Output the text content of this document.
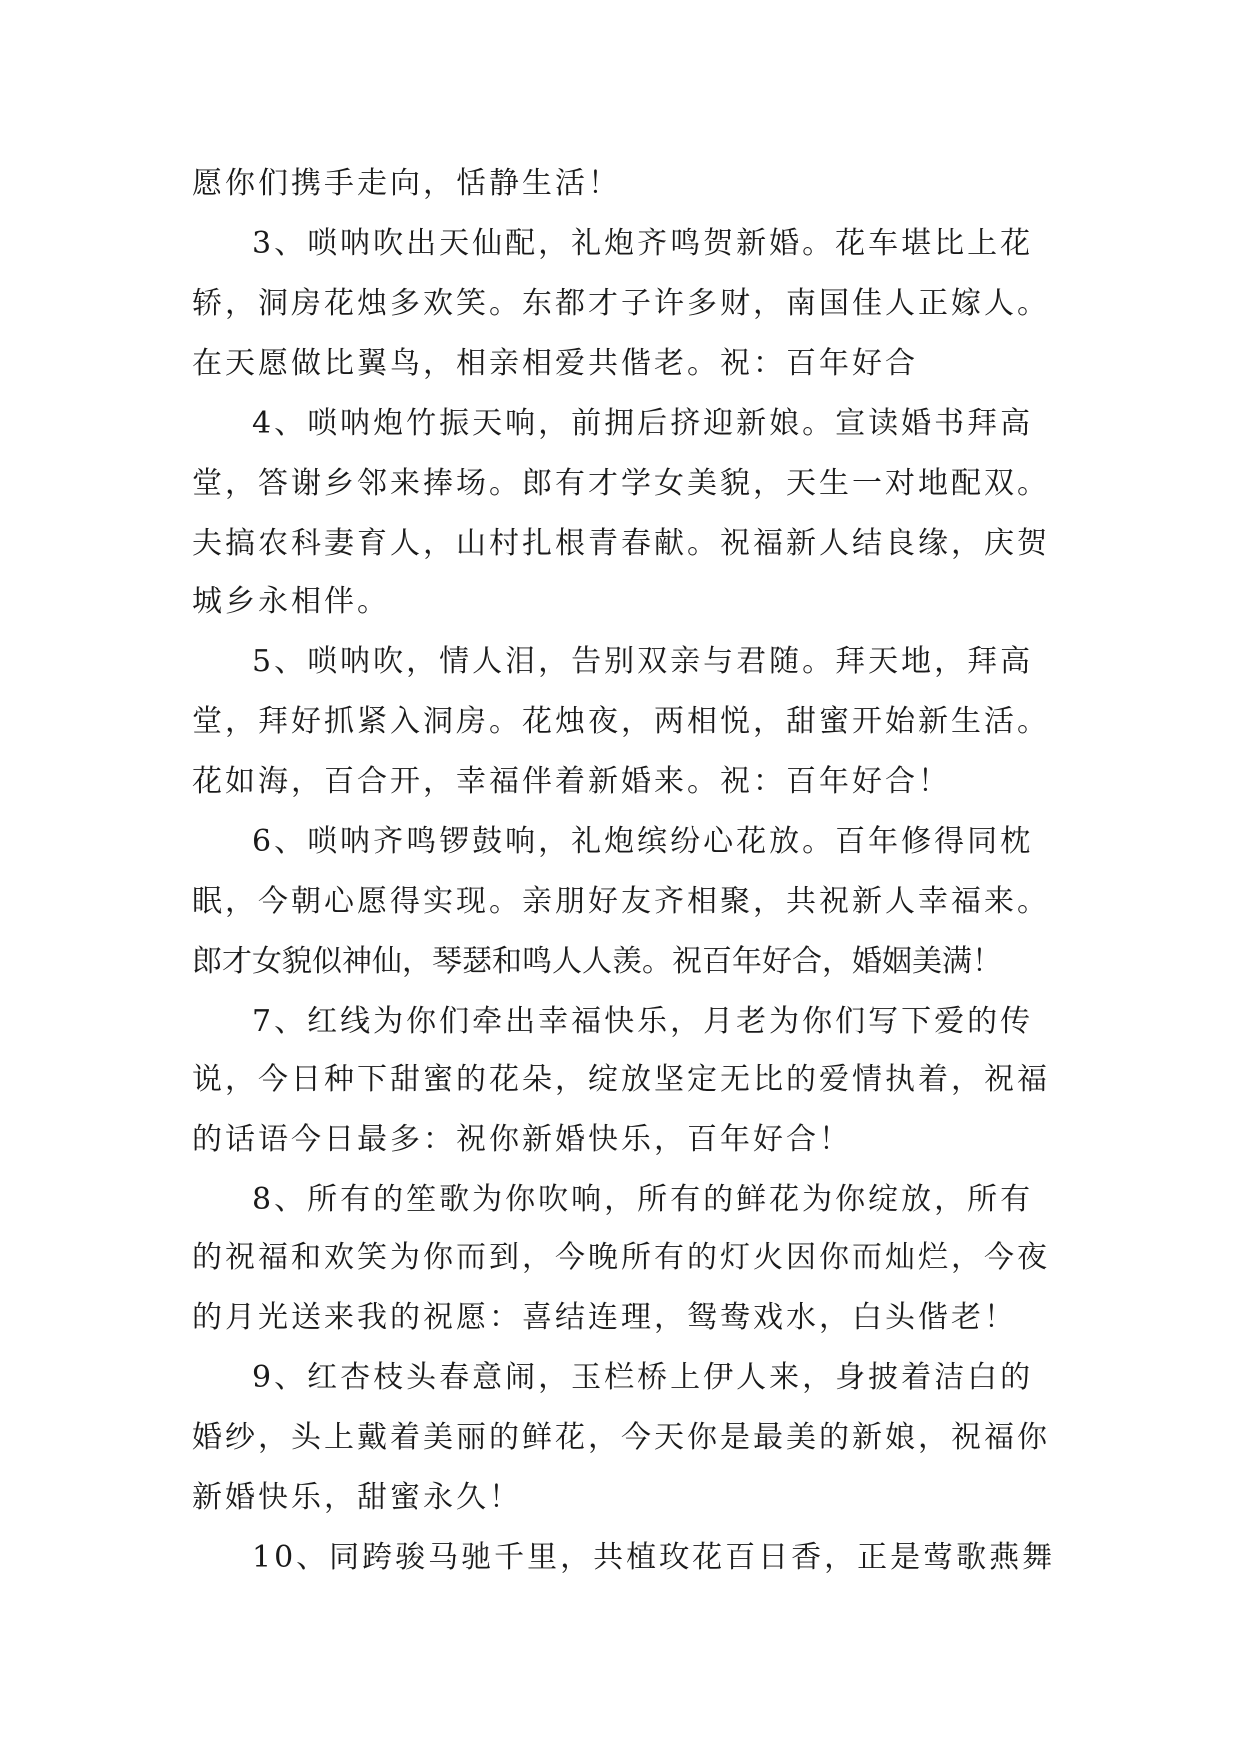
愿你们携手走向，恬静生活！
3、唢呐吹出天仙配，礼炮齐鸣贺新婚。花车堪比上花
轿，洞房花烛多欢笑。东都才子许多财，南国佳人正嫁人。
在天愿做比翼鸟，相亲相爱共偕老。祝：百年好合
4、唢呐炮竹振天响，前拥后挤迎新娘。宣读婚书拜高
堂，答谢乡邻来捧场。郎有才学女美貌，天生一对地配双。
夫搞农科妻育人，山村扎根青春献。祝福新人结良缘，庆贺
城乡永相伴。
5、唢呐吹，情人泪，告别双亲与君随。拜天地，拜高
堂，拜好抓紧入洞房。花烛夜，两相悦，甜蜜开始新生活。
花如海，百合开，幸福伴着新婚来。祝：百年好合！
6、唢呐齐鸣锣鼓响，礼炮缤纷心花放。百年修得同枕
眠，今朝心愿得实现。亲朋好友齐相聚，共祝新人幸福来。
郎才女貌似神仙，琴瑟和鸣人人羡。祝百年好合，婚姻美满！
7、红线为你们牵出幸福快乐，月老为你们写下爱的传
说，今日种下甜蜜的花朵，绽放坚定无比的爱情执着，祝福
的话语今日最多：祝你新婚快乐，百年好合！
8、所有的笙歌为你吹响，所有的鲜花为你绽放，所有
的祝福和欢笑为你而到，今晚所有的灯火因你而灿烂，今夜
的月光送来我的祝愿：喜结连理，鸳鸯戏水，白头偕老！
9、红杏枝头春意闹，玉栏桥上伊人来，身披着洁白的
婚纱，头上戴着美丽的鲜花，今天你是最美的新娘，祝福你
新婚快乐，甜蜜永久！
10、同跨骏马驰千里，共植玫花百日香，正是莺歌燕舞
